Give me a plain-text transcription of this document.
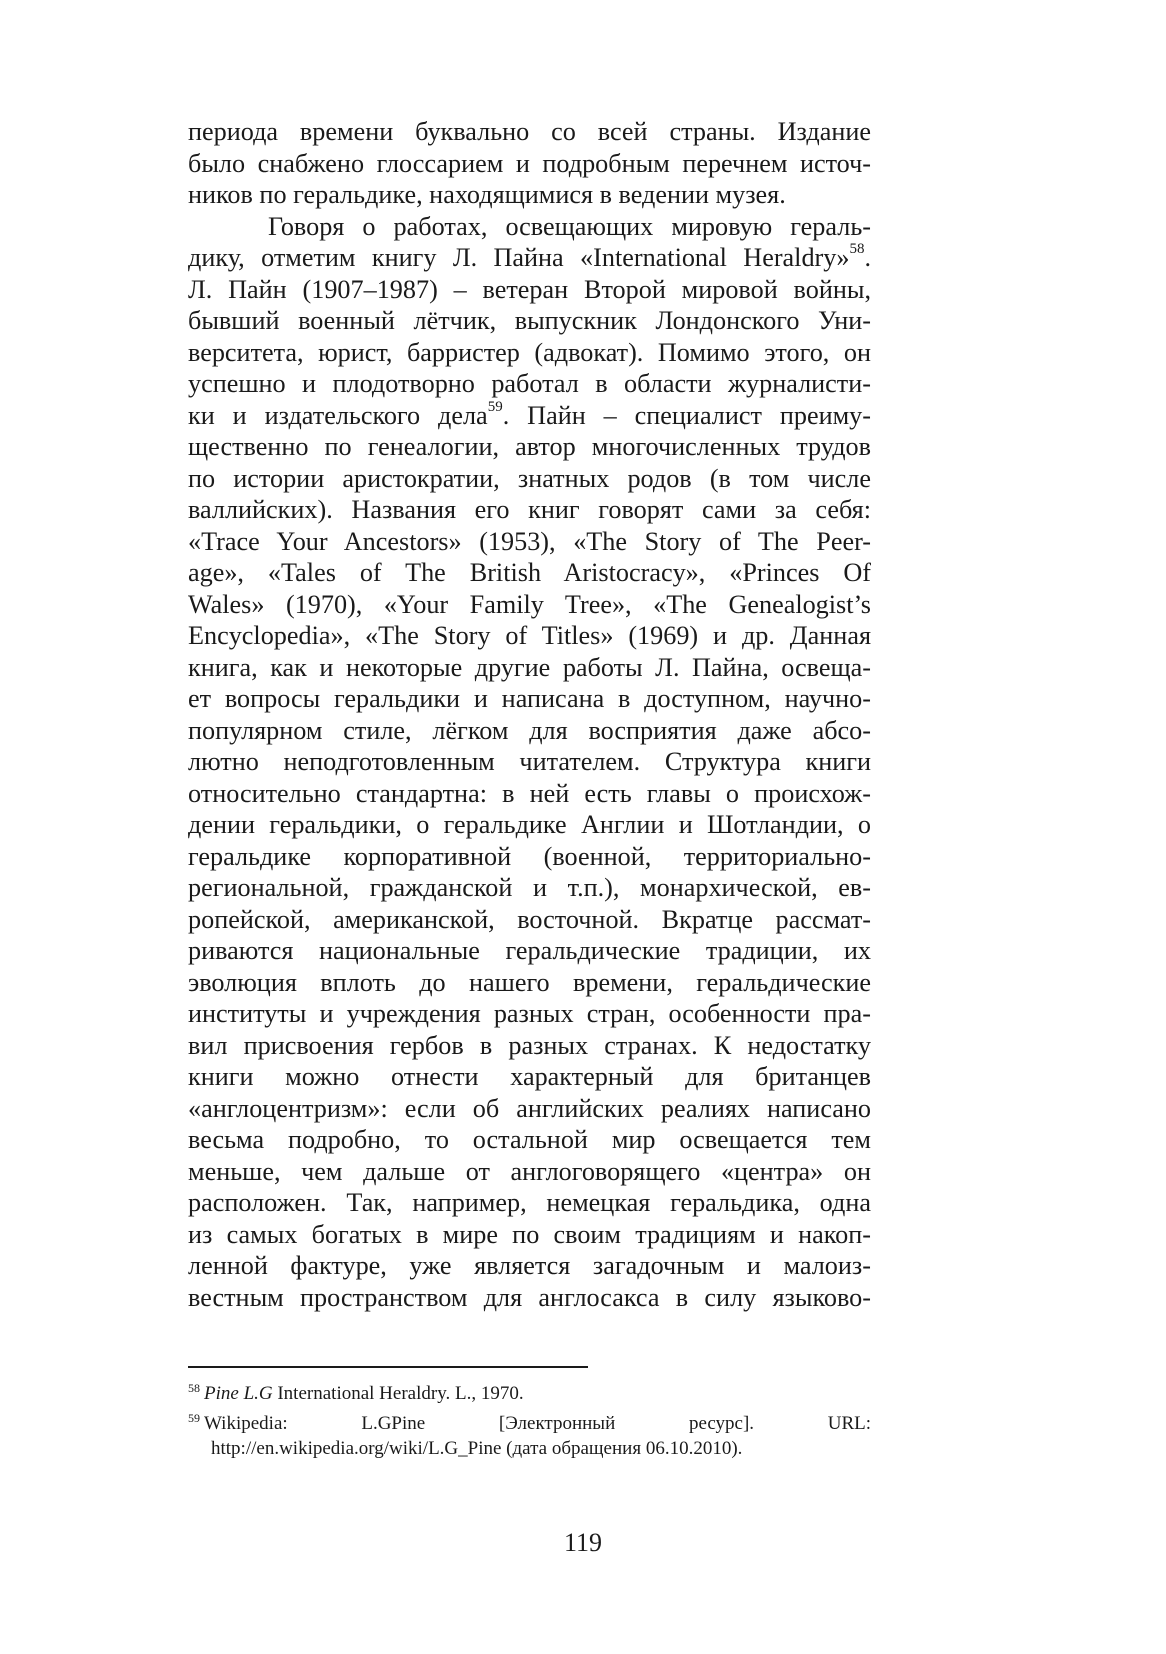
периода времени буквально со всей страны. Издание
было снабжено глоссарием и подробным перечнем источ-
ников по геральдике, находящимися в ведении музея.
Говоря о работах, освещающих мировую гераль-
дику, отметим книгу Л. Пайна «International Heraldry»$^{58}$.
Л. Пайн (1907–1987) – ветеран Второй мировой войны,
бывший военный лётчик, выпускник Лондонского Уни-
верситета, юрист, барристер (адвокат). Помимо этого, он
успешно и плодотворно работал в области журналисти-
ки и издательского дела$^{59}$. Пайн – специалист преиму-
щественно по генеалогии, автор многочисленных трудов
по истории аристократии, знатных родов (в том числе
валлийских). Названия его книг говорят сами за себя:
«Trace Your Ancestors» (1953), «The Story of The Peer-
age», «Tales of The British Aristocracy», «Princes Of
Wales» (1970), «Your Family Tree», «The Genealogist’s
Encyclopedia», «The Story of Titles» (1969) и др. Данная
книга, как и некоторые другие работы Л. Пайна, освеща-
ет вопросы геральдики и написана в доступном, научно-
популярном стиле, лёгком для восприятия даже абсо-
лютно неподготовленным читателем. Структура книги
относительно стандартна: в ней есть главы о происхож-
дении геральдики, о геральдике Англии и Шотландии, о
геральдике корпоративной (военной, территориально-
региональной, гражданской и т.п.), монархической, ев-
ропейской, американской, восточной. Вкратце рассмат-
риваются национальные геральдические традиции, их
эволюция вплоть до нашего времени, геральдические
институты и учреждения разных стран, особенности пра-
вил присвоения гербов в разных странах. К недостатку
книги можно отнести характерный для британцев
«англоцентризм»: если об английских реалиях написано
весьма подробно, то остальной мир освещается тем
меньше, чем дальше от англоговорящего «центра» он
расположен. Так, например, немецкая геральдика, одна
из самых богатых в мире по своим традициям и накоп-
ленной фактуре, уже является загадочным и малоиз-
вестным пространством для англосакса в силу языково-
$^{58}$ Pine L.G International Heraldry. L., 1970.
$^{59}$ Wikipedia:	L.GPine	[Электронный	ресурс].	URL:
http://en.wikipedia.org/wiki/L.G_Pine (дата обращения 06.10.2010).
119
